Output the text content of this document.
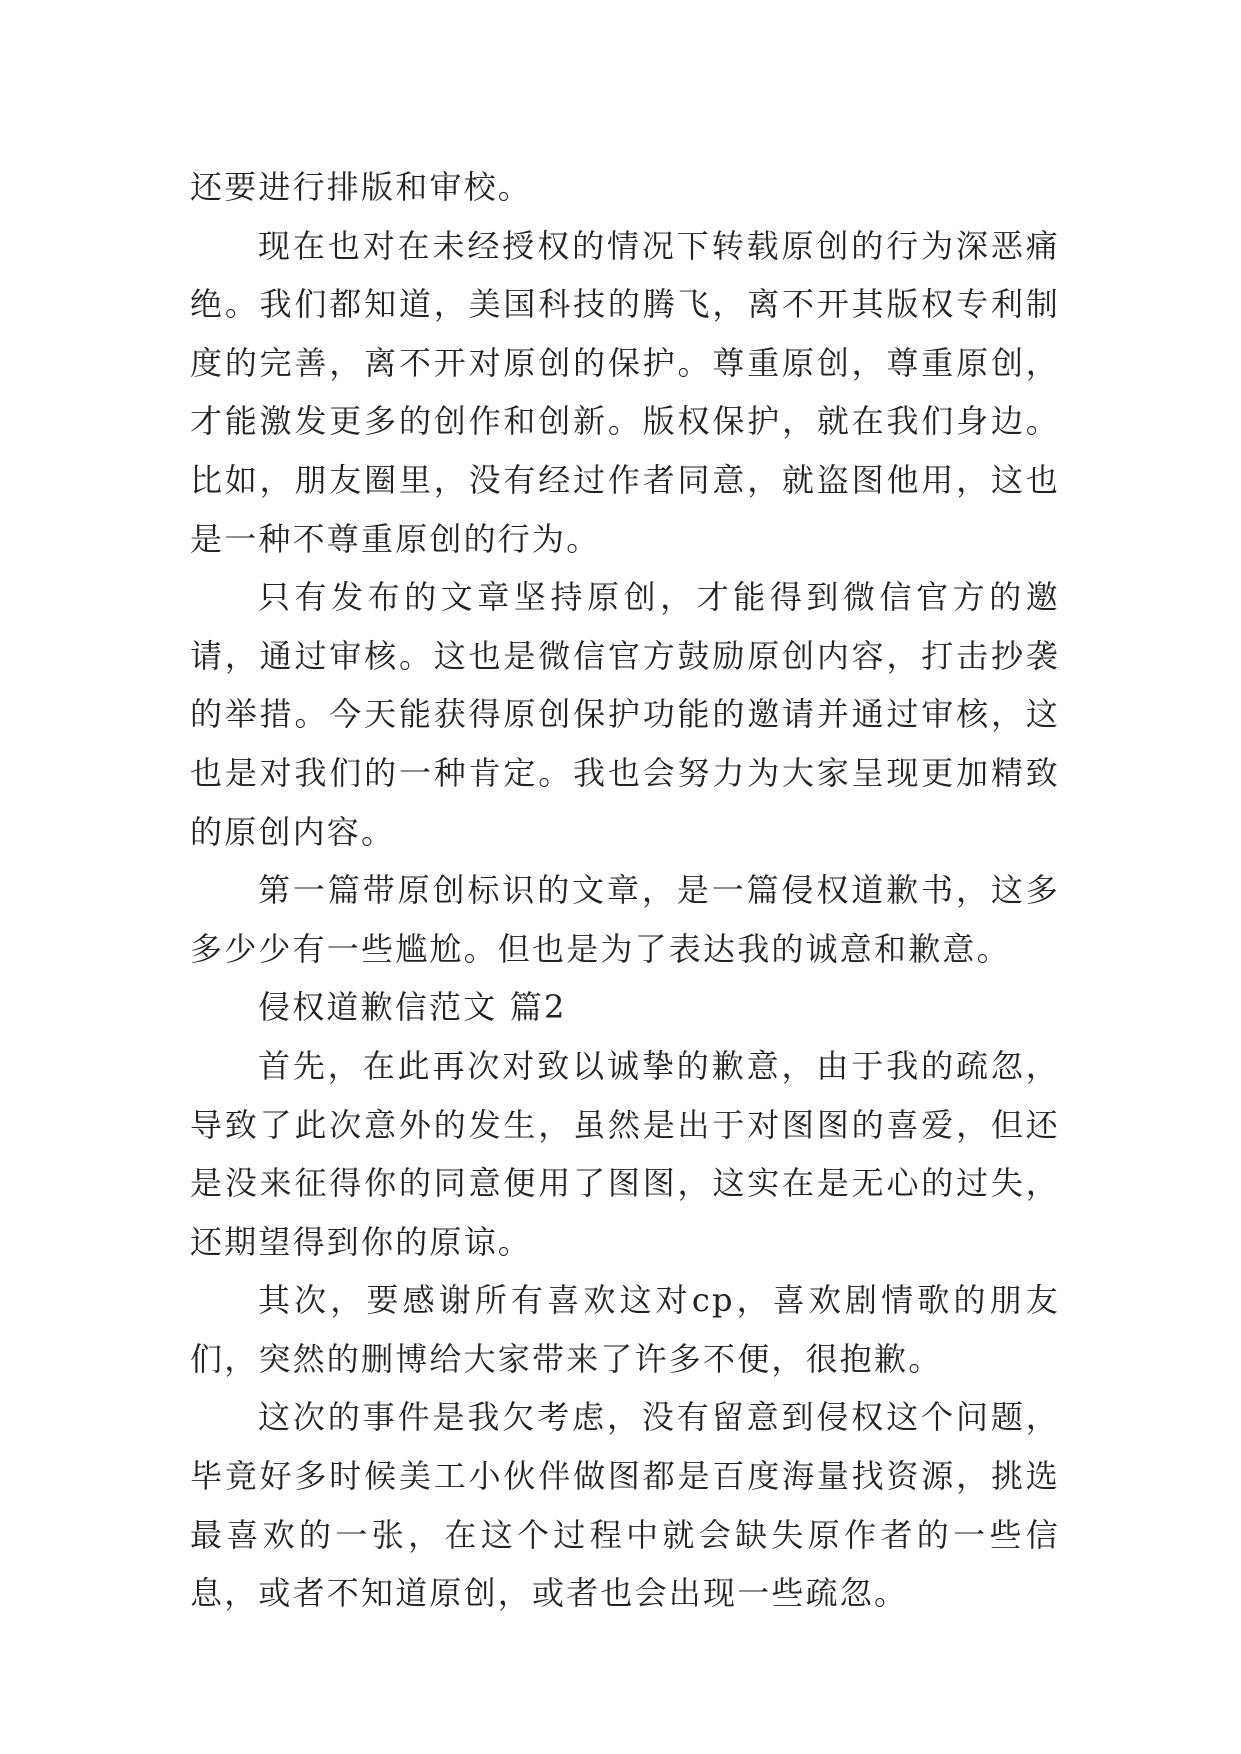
还要进行排版和审校。

现在也对在未经授权的情况下转载原创的行为深恶痛绝。我们都知道，美国科技的腾飞，离不开其版权专利制度的完善，离不开对原创的保护。尊重原创，尊重原创，才能激发更多的创作和创新。版权保护，就在我们身边。比如，朋友圈里，没有经过作者同意，就盗图他用，这也是一种不尊重原创的行为。

只有发布的文章坚持原创，才能得到微信官方的邀请，通过审核。这也是微信官方鼓励原创内容，打击抄袭的举措。今天能获得原创保护功能的邀请并通过审核，这也是对我们的一种肯定。我也会努力为大家呈现更加精致的原创内容。

第一篇带原创标识的文章，是一篇侵权道歉书，这多多少少有一些尴尬。但也是为了表达我的诚意和歉意。

侵权道歉信范文 篇2

首先，在此再次对致以诚挚的歉意，由于我的疏忽，导致了此次意外的发生，虽然是出于对图图的喜爱，但还是没来征得你的同意便用了图图，这实在是无心的过失，还期望得到你的原谅。

其次，要感谢所有喜欢这对cp，喜欢剧情歌的朋友们，突然的删博给大家带来了许多不便，很抱歉。

这次的事件是我欠考虑，没有留意到侵权这个问题，毕竟好多时候美工小伙伴做图都是百度海量找资源，挑选最喜欢的一张，在这个过程中就会缺失原作者的一些信息，或者不知道原创，或者也会出现一些疏忽。
